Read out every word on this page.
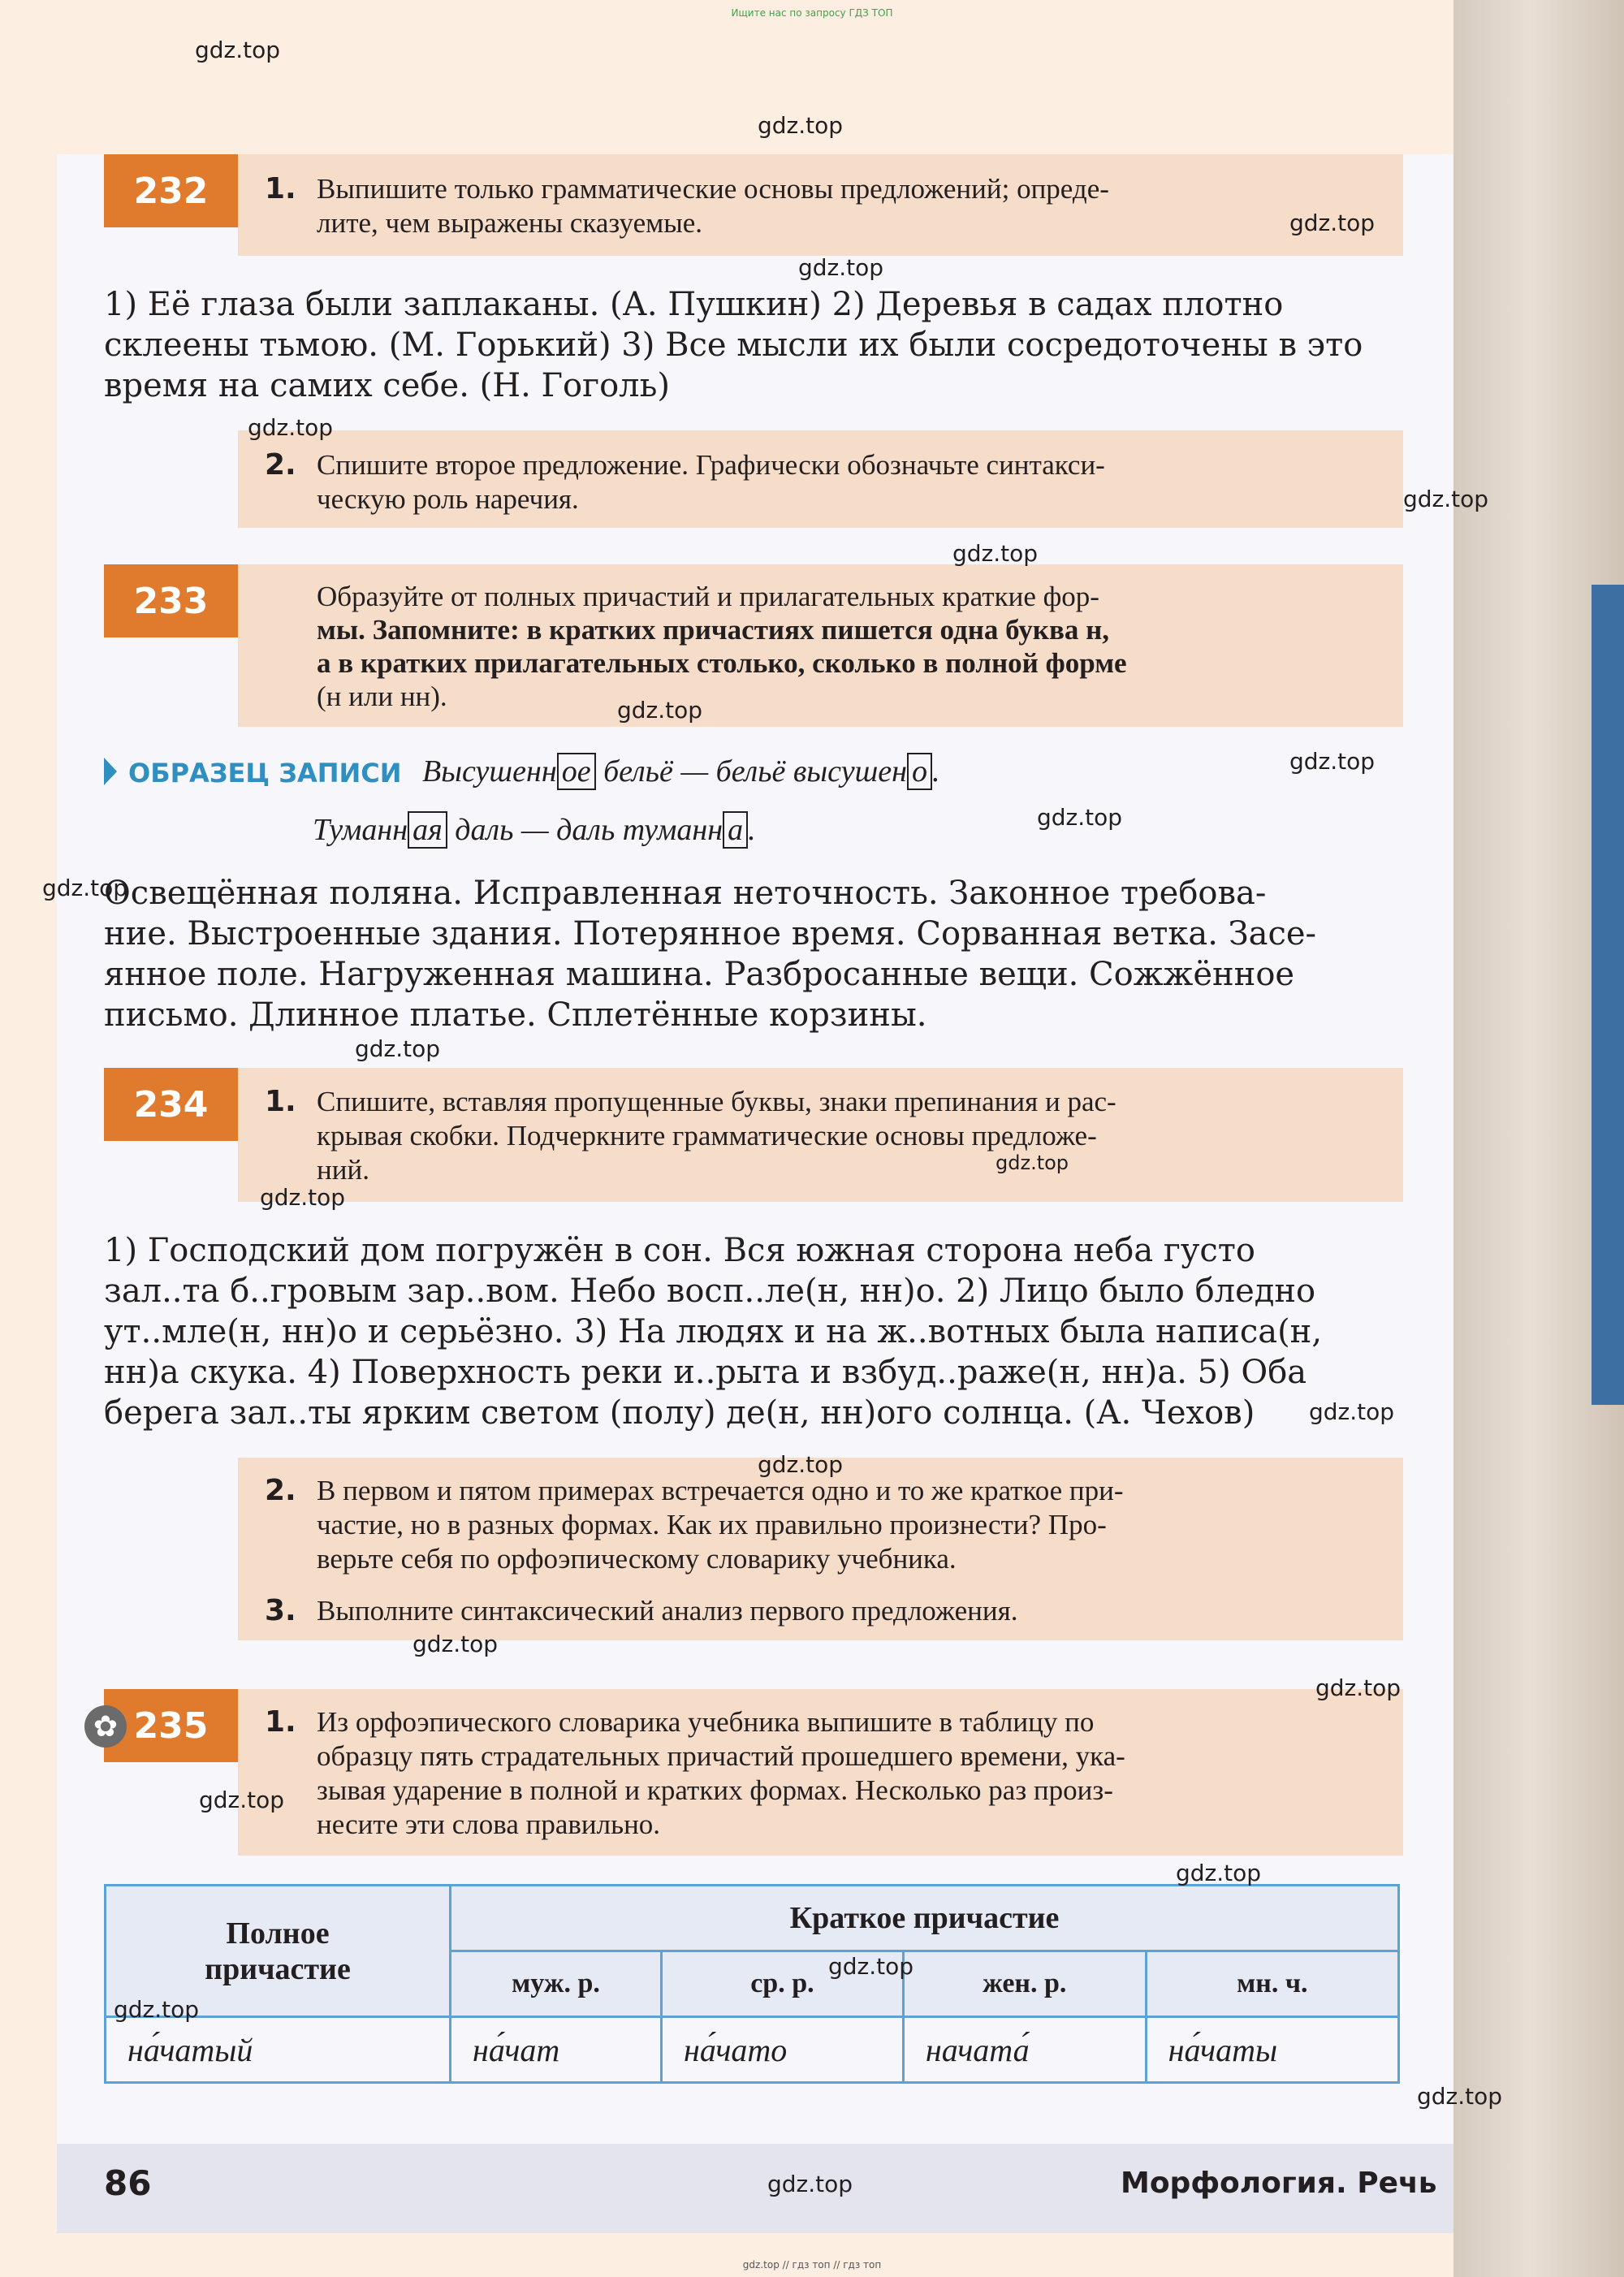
Ищите нас по запросу ГДЗ ТОП
232	1. Выпишите только грамматические основы предложений; опреде-
лите, чем выражены сказуемые.

1) Её глаза были заплаканы. (А. Пушкин) 2) Деревья в садах плотно

склеены тьмою. (М. Горький) 3) Все мысли их были сосредоточены в это

время на самих себе. (Н. Гоголь)

2. Спишите второе предложение. Графически обозначьте синтакси-
ческую роль наречия.
233	Образуйте от полных причастий и прилагательных краткие фор-
мы. Запомните: в кратких причастиях пишется одна буква н,
а в кратких прилагательных столько, сколько в полной форме
(н или нн).
ОБРАЗЕЦ ЗАПИСИ Высушенн ое бельё — бельё высушен о .
Туманн ая даль — даль туманн а .

Освещённая поляна. Исправленная неточность. Законное требова-

ние. Выстроенные здания. Потерянное время. Сорванная ветка. Засе-

янное поле. Нагруженная машина. Разбросанные вещи. Сожжённое

письмо. Длинное платье. Сплетённые корзины.

234	1. Спишите, вставляя пропущенные буквы, знаки препинания и рас-
крывая скобки. Подчеркните грамматические основы предложе-
ний.

1) Господский дом погружён в сон. Вся южная сторона неба густо

зал..та б..гровым зар..вом. Небо восп..ле(н, нн)о. 2) Лицо было бледно

ут..мле(н, нн)о и серьёзно. 3) На людях и на ж..вотных была написа(н,

нн)а скука. 4) Поверхность реки и..рыта и взбуд..раже(н, нн)а. 5) Оба

берега зал..ты ярким светом (полу) де(н, нн)ого солнца. (А. Чехов)

2. В первом и пятом примерах встречается одно и то же краткое при-
частие, но в разных формах. Как их правильно произнести? Про-
верьте себя по орфоэпическому словарику учебника.
3. Выполните синтаксический анализ первого предложения.
235
✿	1. Из орфоэпического словарика учебника выпишите в таблицу по
образцу пять страдательных причастий прошедшего времени, ука-
зывая ударение в полной и кратких формах. Несколько раз произ-
несите эти слова правильно.
Полное
причастие	Краткое причастие			
	муж. р.	ср. р.	жен. р.	мн. ч.
на́чатый	на́чат	на́чато	начата́	на́чаты
86	Морфология. Речь
gdz.top
gdz.top
gdz.top
gdz.top
gdz.top
gdz.top
gdz.top
gdz.top
gdz.top
gdz.top
gdz.top
gdz.top
gdz.top
gdz.top
gdz.top
gdz.top
gdz.top
gdz.top
gdz.top
gdz.top
gdz.top
gdz.top
gdz.top
gdz.top
gdz.top // гдз топ // гдз топ
